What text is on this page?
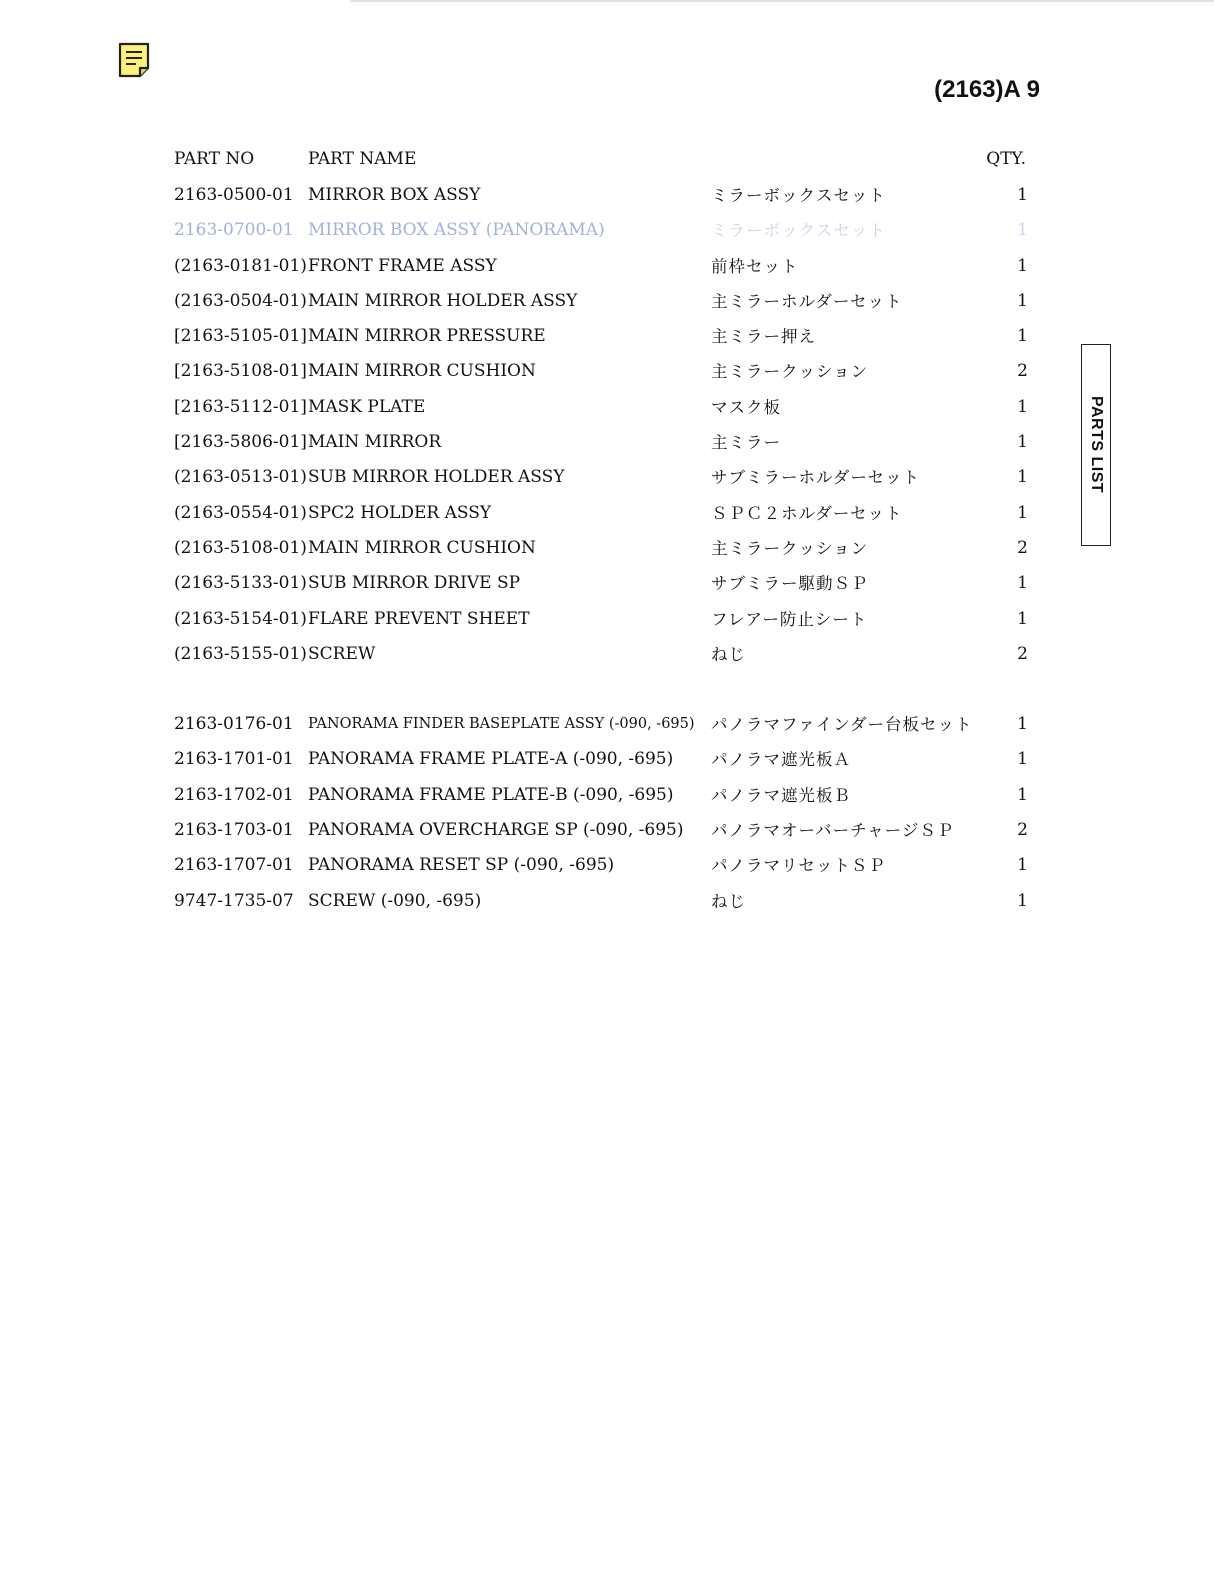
(2163)A 9
PARTS LIST
PART NO	PART NAME	QTY.
2163-0500-01 MIRROR BOX ASSY	ミラーボックスセット	1
2163-0700-01 MIRROR BOX ASSY (PANORAMA)	ミラーボックスセット	1
(2163-0181-01) FRONT FRAME ASSY	前枠セット	1
(2163-0504-01) MAIN MIRROR HOLDER ASSY	主ミラーホルダーセット	1
[2163-5105-01] MAIN MIRROR PRESSURE	主ミラー押え	1
[2163-5108-01] MAIN MIRROR CUSHION	主ミラークッション	2
[2163-5112-01] MASK PLATE	マスク板	1
[2163-5806-01] MAIN MIRROR	主ミラー	1
(2163-0513-01) SUB MIRROR HOLDER ASSY	サブミラーホルダーセット	1
(2163-0554-01) SPC2 HOLDER ASSY	ＳＰＣ２ホルダーセット	1
(2163-5108-01) MAIN MIRROR CUSHION	主ミラークッション	2
(2163-5133-01) SUB MIRROR DRIVE SP	サブミラー駆動ＳＰ	1
(2163-5154-01) FLARE PREVENT SHEET	フレアー防止シート	1
(2163-5155-01) SCREW	ねじ	2
2163-0176-01 PANORAMA FINDER BASEPLATE ASSY (-090, -695) パノラマファインダー台板セット	1
2163-1701-01 PANORAMA FRAME PLATE-A (-090, -695) パノラマ遮光板Ａ	1
2163-1702-01 PANORAMA FRAME PLATE-B (-090, -695) パノラマ遮光板Ｂ	1
2163-1703-01 PANORAMA OVERCHARGE SP (-090, -695) パノラマオーバーチャージＳＰ	2
2163-1707-01 PANORAMA RESET SP (-090, -695)	パノラマリセットＳＰ	1
9747-1735-07 SCREW (-090, -695)	ねじ	1
